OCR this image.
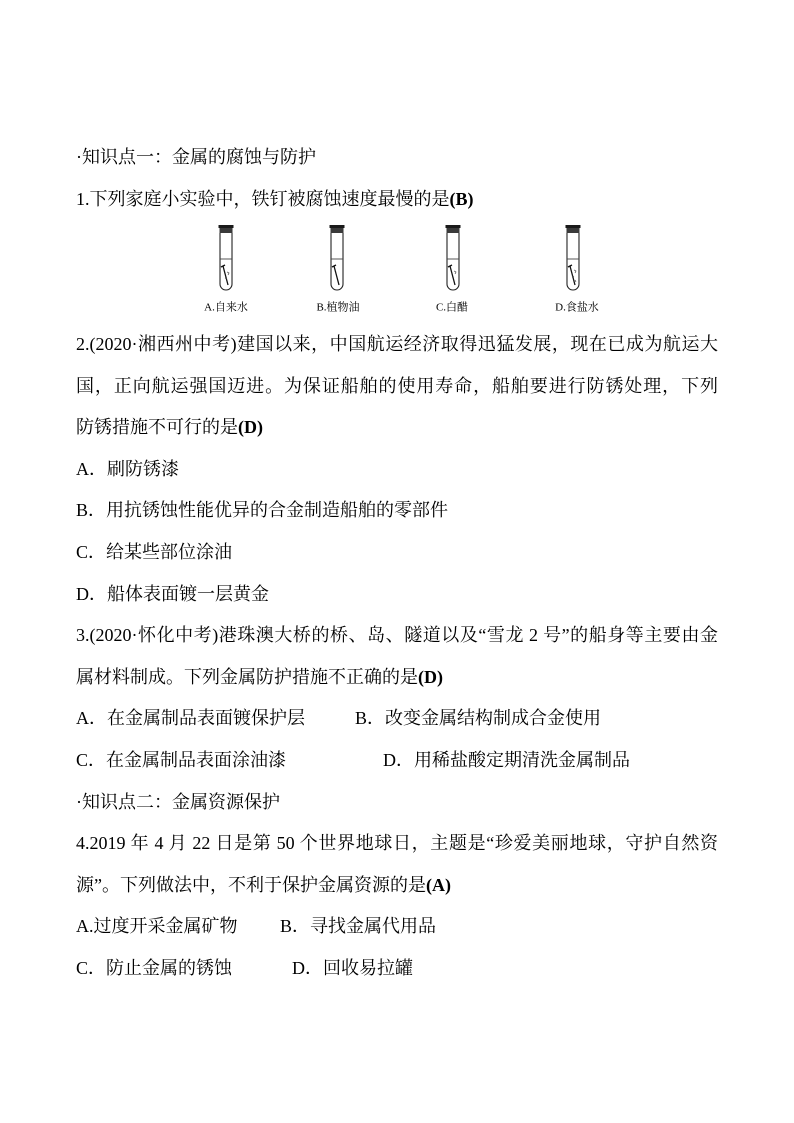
·知识点一：金属的腐蚀与防护
1.下列家庭小实验中，铁钉被腐蚀速度最慢的是(B)
A.自来水	B.植物油	C.白醋	D.食盐水
2.(2020·湘西州中考)建国以来，中国航运经济取得迅猛发展，现在已成为航运大
国，正向航运强国迈进。为保证船舶的使用寿命，船舶要进行防锈处理，下列
防锈措施不可行的是(D)
A．刷防锈漆
B．用抗锈蚀性能优异的合金制造船舶的零部件
C．给某些部位涂油
D．船体表面镀一层黄金
3.(2020·怀化中考)港珠澳大桥的桥、岛、隧道以及“雪龙 2 号”的船身等主要由金
属材料制成。下列金属防护措施不正确的是(D)
A．在金属制品表面镀保护层	B．改变金属结构制成合金使用
C．在金属制品表面涂油漆	D．用稀盐酸定期清洗金属制品
·知识点二：金属资源保护
4.2019 年 4 月 22 日是第 50 个世界地球日，主题是“珍爱美丽地球，守护自然资
源”。下列做法中，不利于保护金属资源的是(A)
A.过度开采金属矿物 B．寻找金属代用品
C．防止金属的锈蚀	D．回收易拉罐
